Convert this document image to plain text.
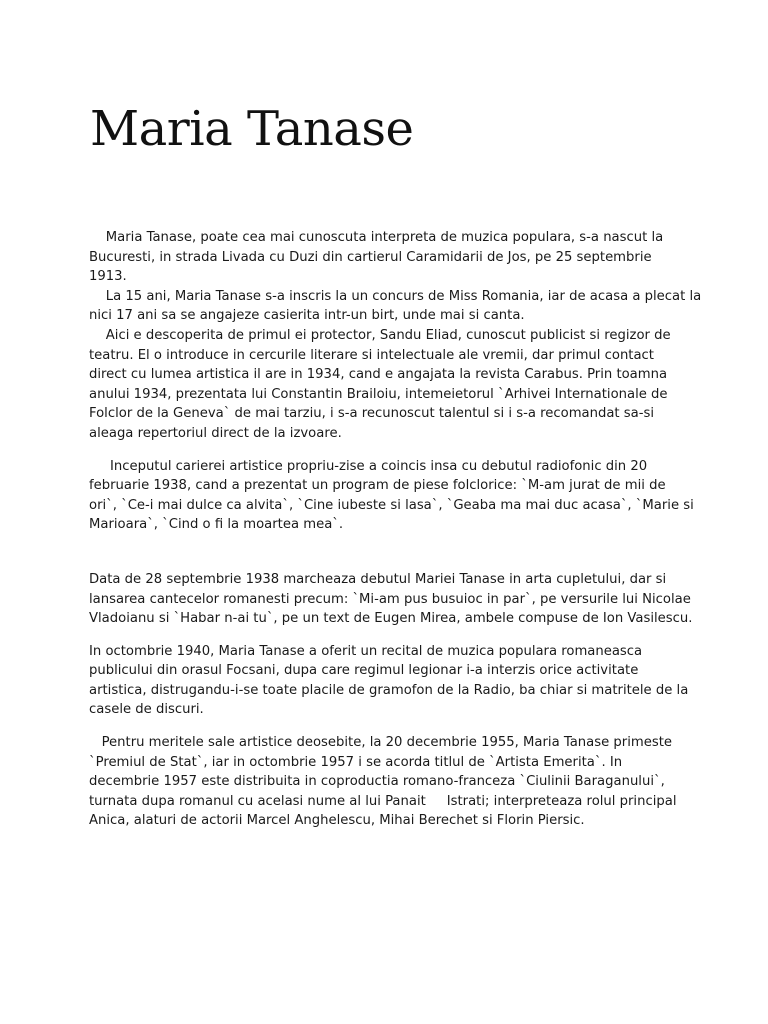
Maria Tanase

Maria Tanase, poate cea mai cunoscuta interpreta de muzica populara, s-a nascut la
Bucuresti, in strada Livada cu Duzi din cartierul Caramidarii de Jos, pe 25 septembrie
1913.
La 15 ani, Maria Tanase s-a inscris la un concurs de Miss Romania, iar de acasa a plecat la
nici 17 ani sa se angajeze casierita intr-un birt, unde mai si canta.
Aici e descoperita de primul ei protector, Sandu Eliad, cunoscut publicist si regizor de
teatru. El o introduce in cercurile literare si intelectuale ale vremii, dar primul contact
direct cu lumea artistica il are in 1934, cand e angajata la revista Carabus. Prin toamna
anului 1934, prezentata lui Constantin Brailoiu, intemeietorul `Arhivei Internationale de
Folclor de la Geneva` de mai tarziu, i s-a recunoscut talentul si i s-a recomandat sa-si
aleaga repertoriul direct de la izvoare.

Inceputul carierei artistice propriu-zise a coincis insa cu debutul radiofonic din 20
februarie 1938, cand a prezentat un program de piese folclorice: `M-am jurat de mii de
ori`, `Ce-i mai dulce ca alvita`, `Cine iubeste si lasa`, `Geaba ma mai duc acasa`, `Marie si
Marioara`, `Cind o fi la moartea mea`.

Data de 28 septembrie 1938 marcheaza debutul Mariei Tanase in arta cupletului, dar si
lansarea cantecelor romanesti precum: `Mi-am pus busuioc in par`, pe versurile lui Nicolae
Vladoianu si `Habar n-ai tu`, pe un text de Eugen Mirea, ambele compuse de Ion Vasilescu.

In octombrie 1940, Maria Tanase a oferit un recital de muzica populara romaneasca
publicului din orasul Focsani, dupa care regimul legionar i-a interzis orice activitate
artistica, distrugandu-i-se toate placile de gramofon de la Radio, ba chiar si matritele de la
casele de discuri.

Pentru meritele sale artistice deosebite, la 20 decembrie 1955, Maria Tanase primeste
`Premiul de Stat`, iar in octombrie 1957 i se acorda titlul de `Artista Emerita`. In
decembrie 1957 este distribuita in coproductia romano-franceza `Ciulinii Baraganului`,
turnata dupa romanul cu acelasi nume al lui Panait     Istrati; interpreteaza rolul principal
Anica, alaturi de actorii Marcel Anghelescu, Mihai Berechet si Florin Piersic.
